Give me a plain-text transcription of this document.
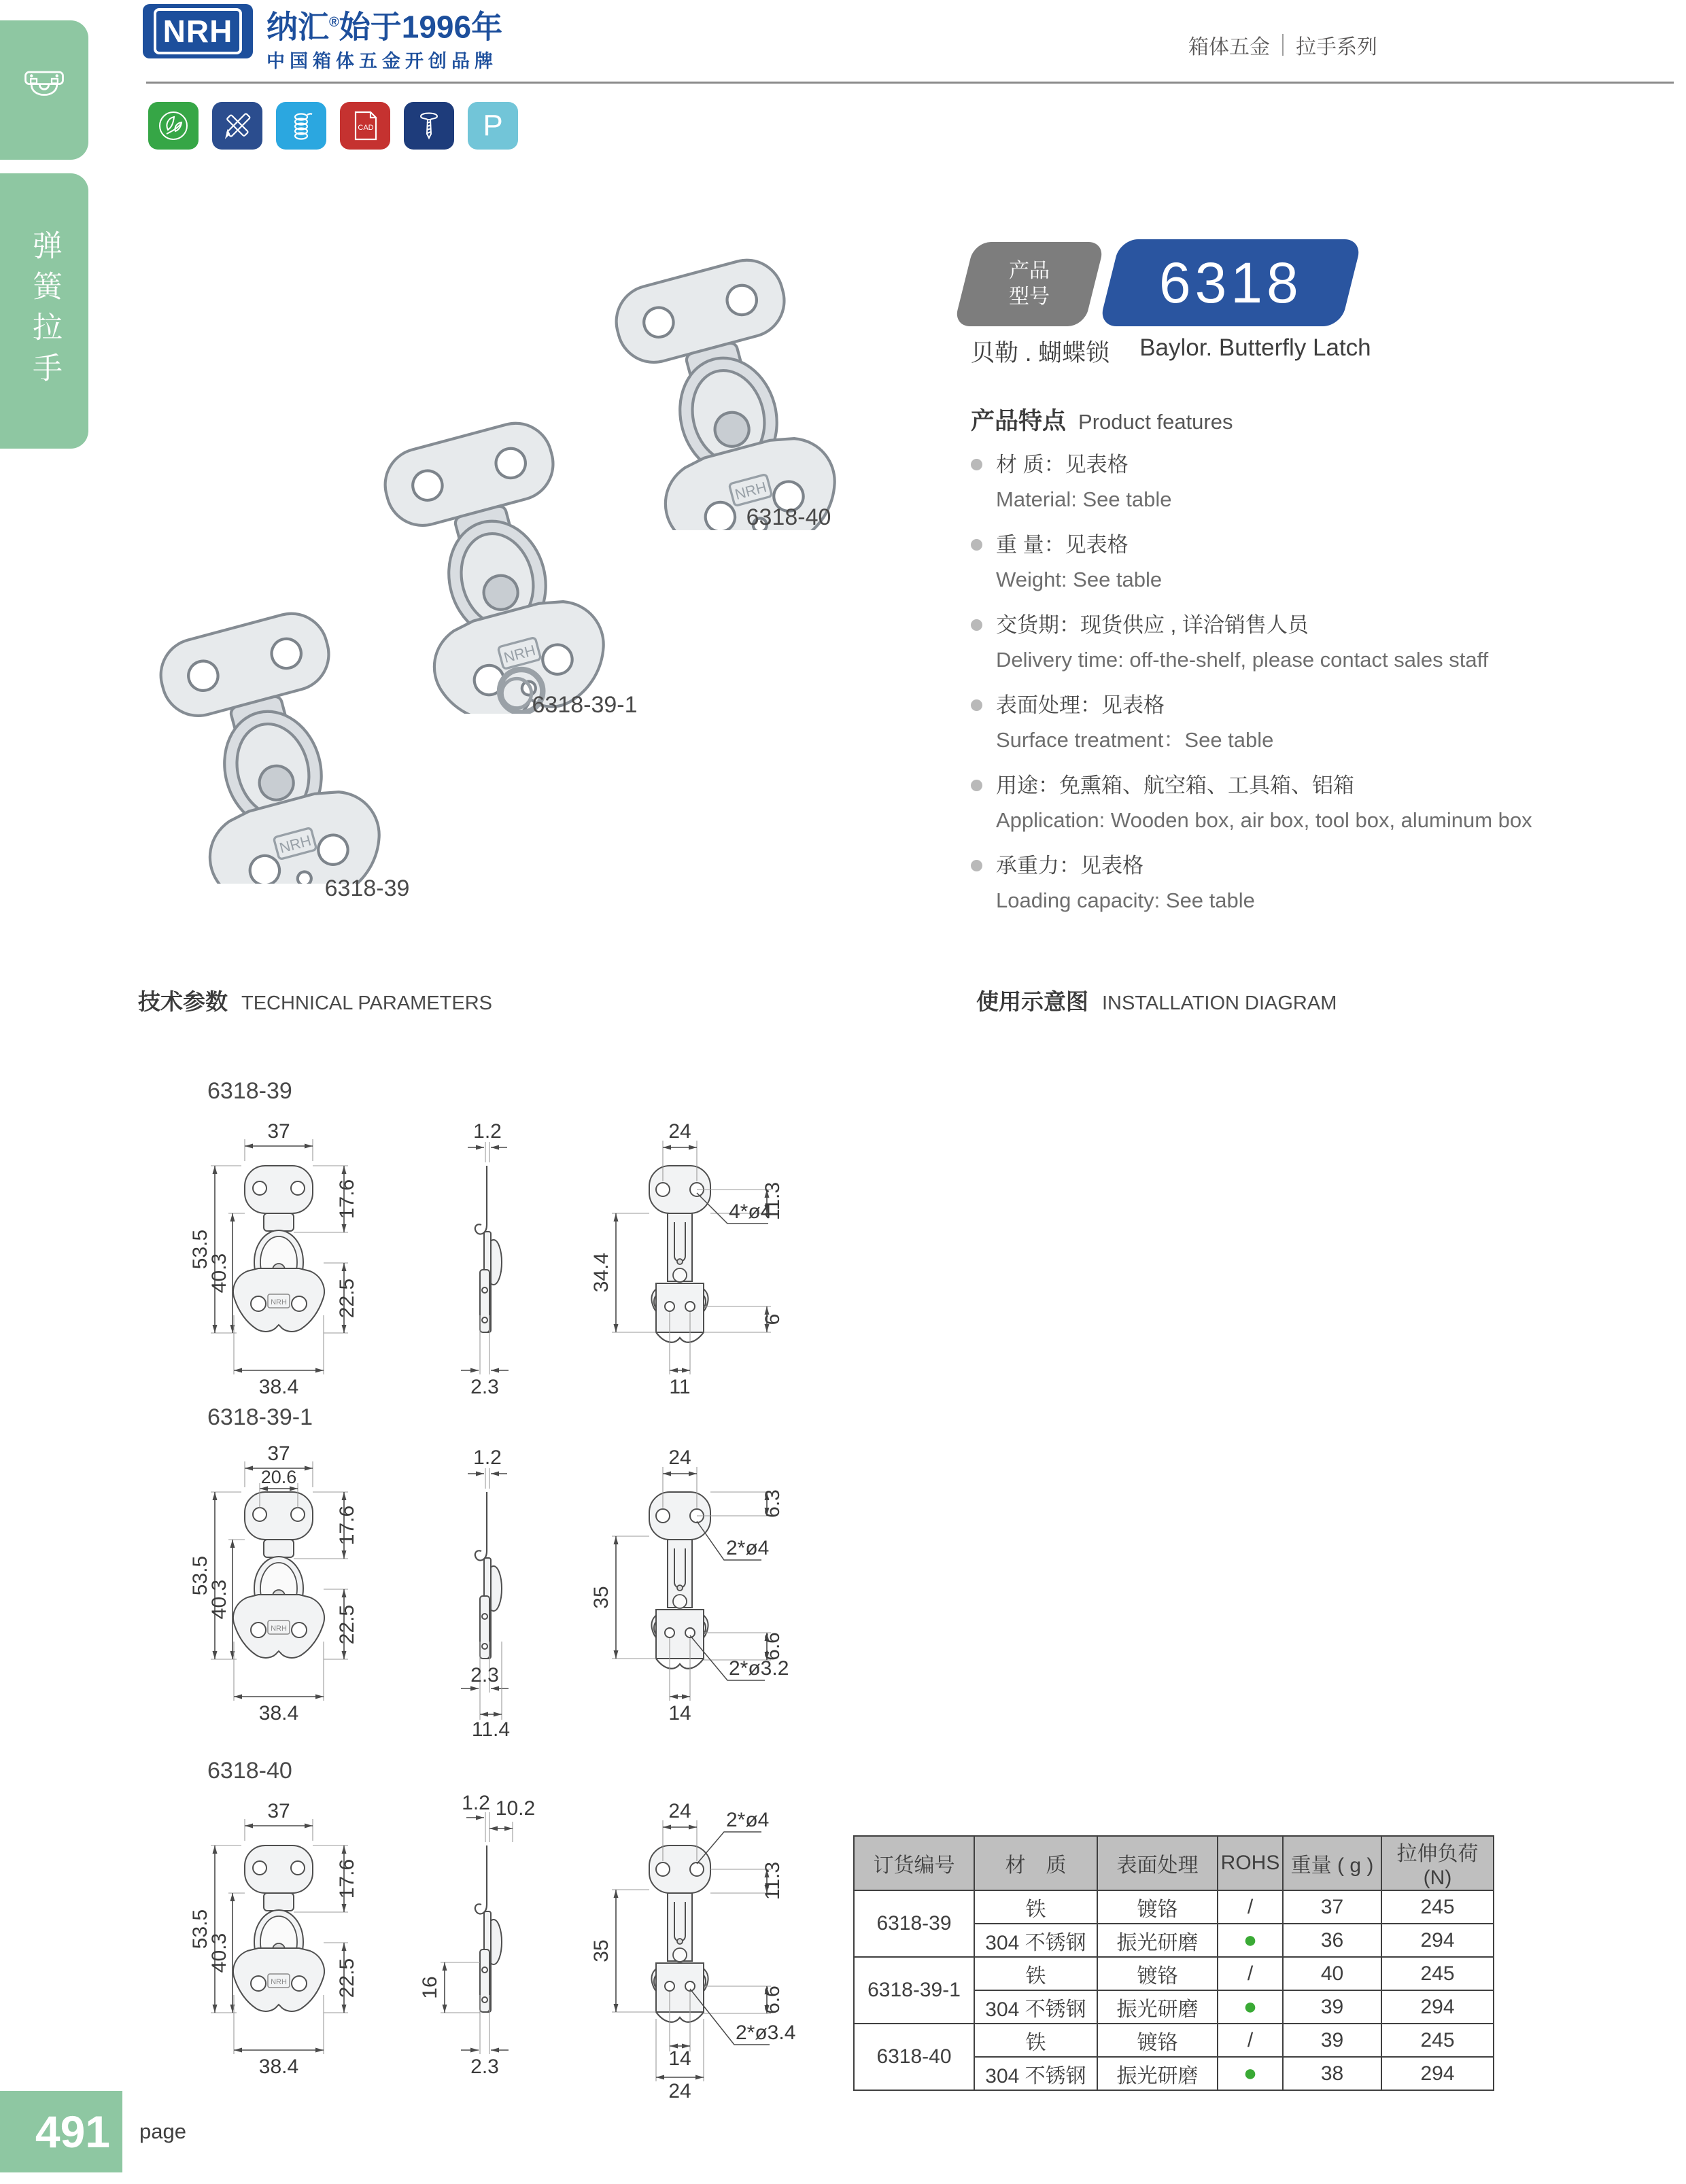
弹簧拉手
NRH	纳汇®始于1996年
中国箱体五金开创品牌
箱体五金 拉手系列
CAD	P
6318-40
6318-39-1
6318-39
产品
型号 6318
贝勒 . 蝴蝶锁 Baylor. Butterfly Latch
产品特点 Product features
材 质：见表格
Material: See table
重 量：见表格
Weight: See table
交货期：现货供应 , 详洽销售人员
Delivery time: off-the-shelf, please contact sales staff
表面处理：见表格
Surface treatment：See table
用途：免熏箱、航空箱、工具箱、铝箱
Application: Wooden box, air box, tool box, aluminum box
承重力：见表格
Loading capacity: See table
技术参数 TECHNICAL PARAMETERS	使用示意图 INSTALLATION DIAGRAM
6318-39
37
53.5
40.3
17.6
22.5
38.4
1.2
2.3
24
11.3
34.4
4*ø4
6
11
6318-39-1
37
20.6
53.5
40.3
17.6
22.5
38.4
1.2
2.3
11.4
24
6.3
2*ø4
35
6.6
14
2*ø3.2
6318-40
37
53.5
40.3
17.6
22.5
38.4
1.2 10.2
16
2.3
2*ø4
24
11.3
35
6.6
14
24
2*ø3.4
订货编号	材　质	表面处理	ROHS	重量 ( g )	拉伸负荷 (N)
6318-39	铁	镀铬	/	37	245
	304 不锈钢	振光研磨	●	36	294
6318-39-1	铁	镀铬	/	40	245
	304 不锈钢	振光研磨	●	39	294
6318-40	铁	镀铬	/	39	245
	304 不锈钢	振光研磨	●	38	294
491	page
